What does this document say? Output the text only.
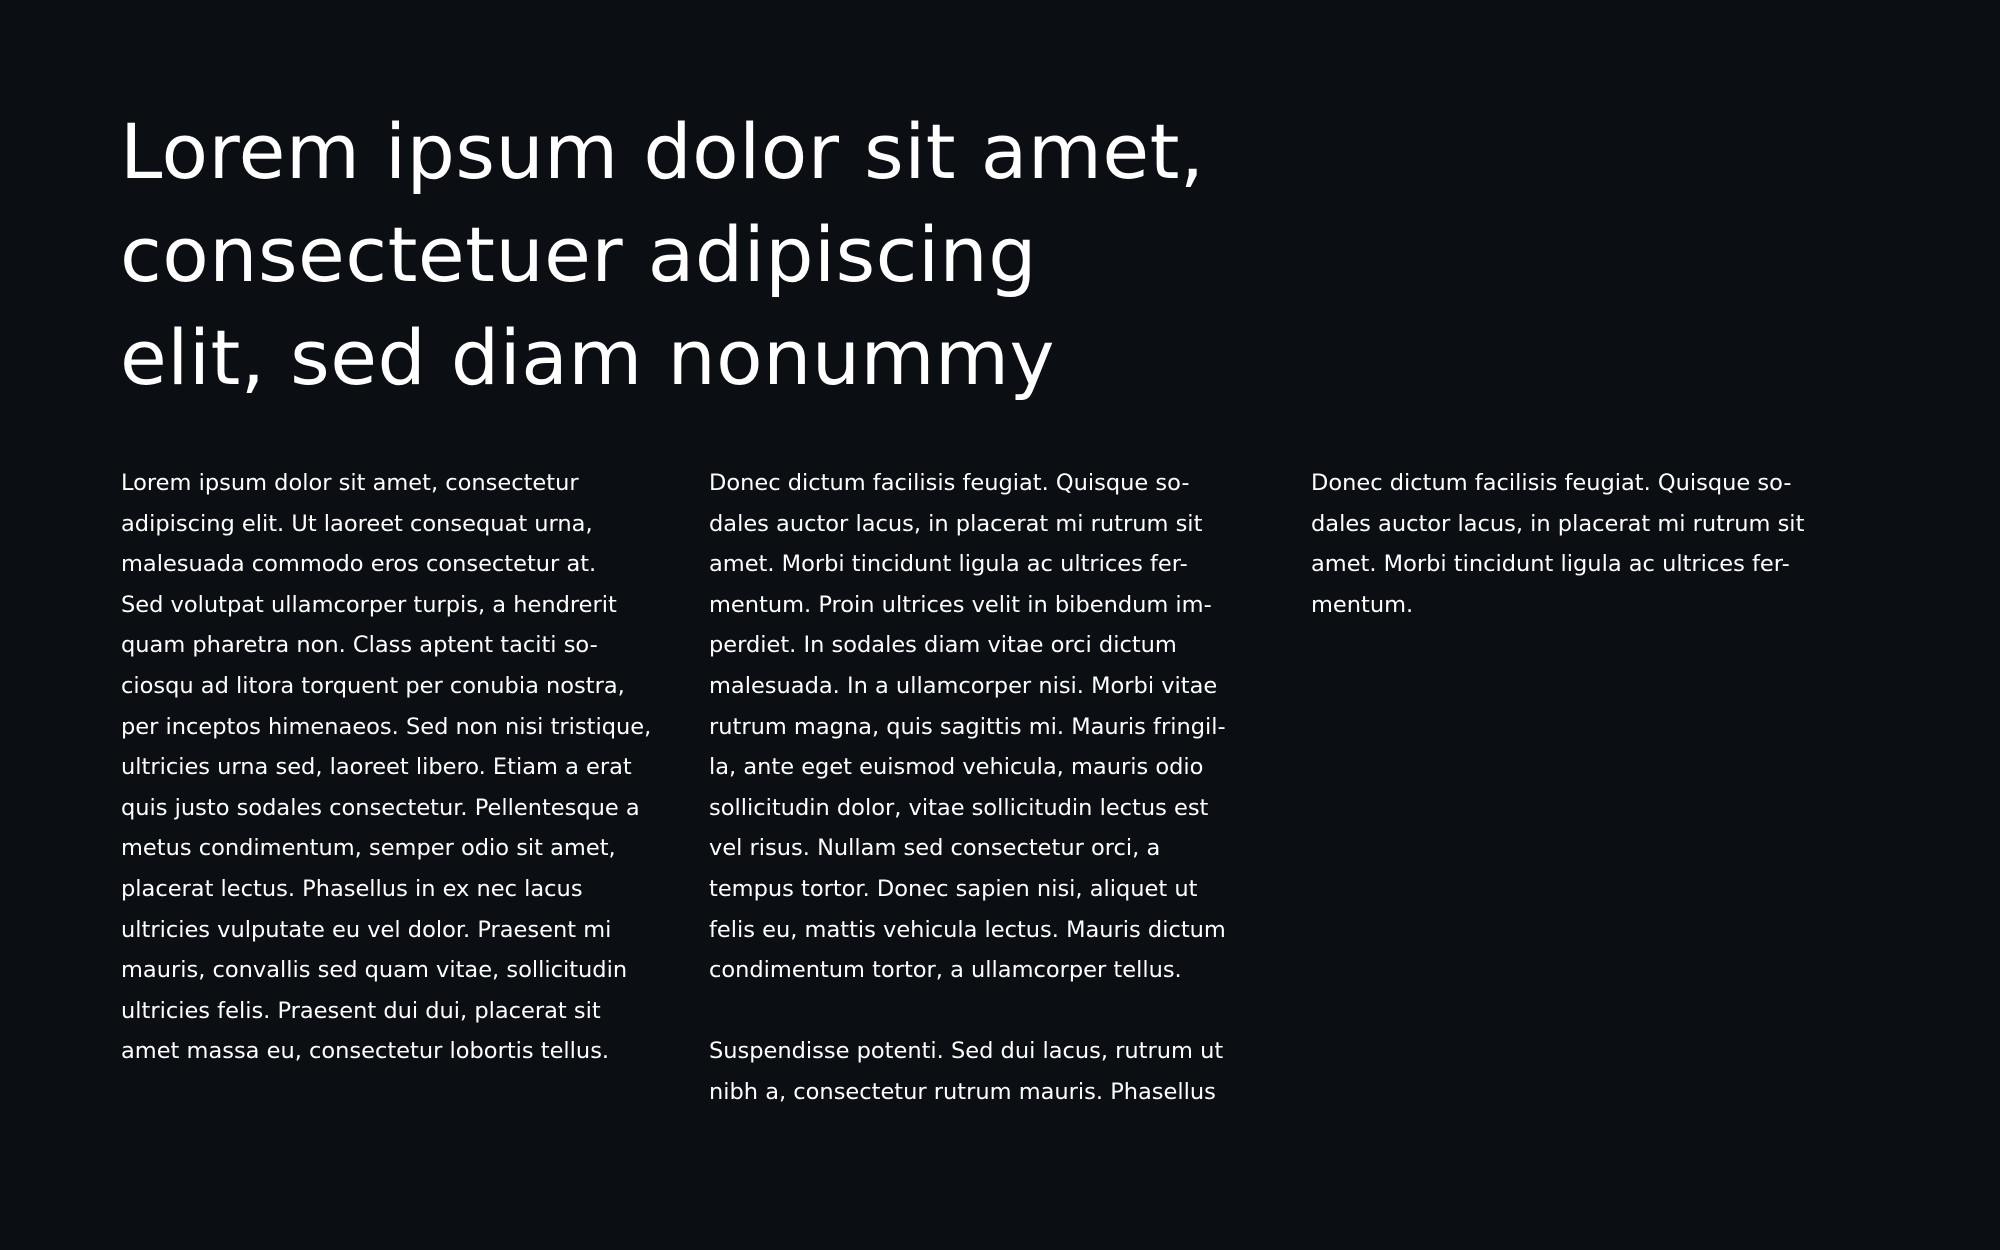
Lorem ipsum dolor sit amet,
consectetuer adipiscing
elit, sed diam nonummy

Lorem ipsum dolor sit amet, consectetur
adipiscing elit. Ut laoreet consequat urna,
malesuada commodo eros consectetur at.
Sed volutpat ullamcorper turpis, a hendrerit
quam pharetra non. Class aptent taciti so-
ciosqu ad litora torquent per conubia nostra,
per inceptos himenaeos. Sed non nisi tristique,
ultricies urna sed, laoreet libero. Etiam a erat
quis justo sodales consectetur. Pellentesque a
metus condimentum, semper odio sit amet,
placerat lectus. Phasellus in ex nec lacus
ultricies vulputate eu vel dolor. Praesent mi
mauris, convallis sed quam vitae, sollicitudin
ultricies felis. Praesent dui dui, placerat sit
amet massa eu, consectetur lobortis tellus.

Donec dictum facilisis feugiat. Quisque so-
dales auctor lacus, in placerat mi rutrum sit
amet. Morbi tincidunt ligula ac ultrices fer-
mentum. Proin ultrices velit in bibendum im-
perdiet. In sodales diam vitae orci dictum
malesuada. In a ullamcorper nisi. Morbi vitae
rutrum magna, quis sagittis mi. Mauris fringil-
la, ante eget euismod vehicula, mauris odio
sollicitudin dolor, vitae sollicitudin lectus est
vel risus. Nullam sed consectetur orci, a
tempus tortor. Donec sapien nisi, aliquet ut
felis eu, mattis vehicula lectus. Mauris dictum
condimentum tortor, a ullamcorper tellus.

Suspendisse potenti. Sed dui lacus, rutrum ut
nibh a, consectetur rutrum mauris. Phasellus

Donec dictum facilisis feugiat. Quisque so-
dales auctor lacus, in placerat mi rutrum sit
amet. Morbi tincidunt ligula ac ultrices fer-
mentum.
